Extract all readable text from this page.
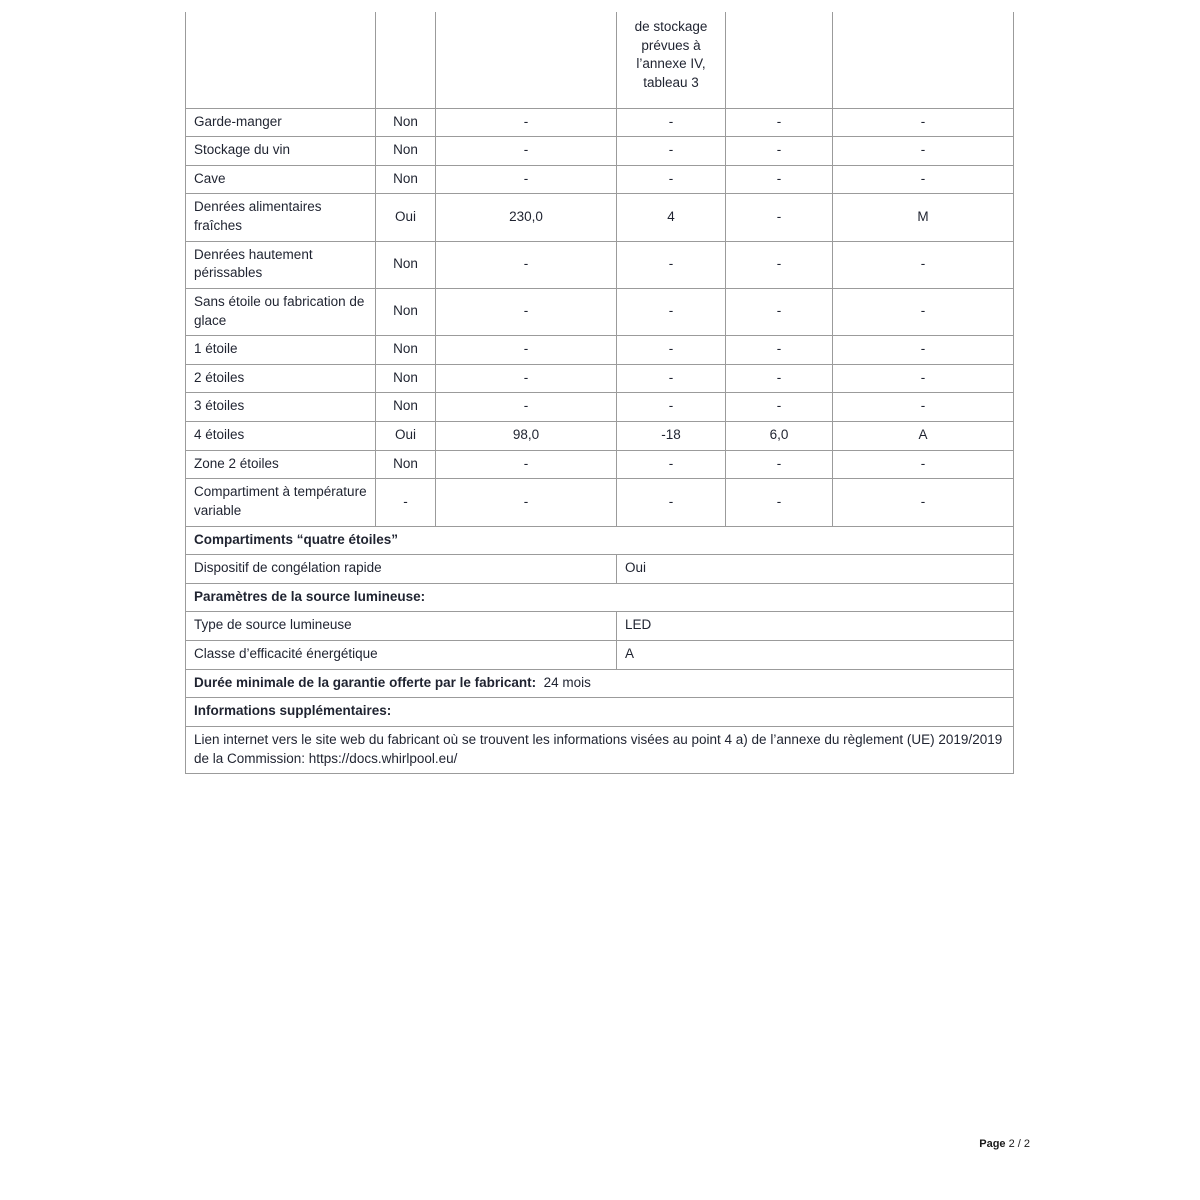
			de stockage
prévues à
l’annexe IV,
tableau 3		

Garde-manger	Non	-	-	-	-
Stockage du vin	Non	-	-	-	-
Cave	Non	-	-	-	-
Denrées alimentaires fraîches	Oui	230,0	4	-	M
Denrées hautement périssables	Non	-	-	-	-
Sans étoile ou fabrication de glace	Non	-	-	-	-
1 étoile	Non	-	-	-	-
2 étoiles	Non	-	-	-	-
3 étoiles	Non	-	-	-	-
4 étoiles	Oui	98,0	-18	6,0	A
Zone 2 étoiles	Non	-	-	-	-
Compartiment à température variable	-	-	-	-	-
Compartiments “quatre étoiles”					
Dispositif de congélation rapide			Oui		
Paramètres de la source lumineuse:					
Type de source lumineuse			LED		
Classe d’efficacité énergétique			A		
Durée minimale de la garantie offerte par le fabricant: 24 mois					
Informations supplémentaires:					
Lien internet vers le site web du fabricant où se trouvent les informations visées au point 4 a) de l’annexe du règlement (UE) 2019/2019 de la Commission: https://docs.whirlpool.eu/					
Page 2 / 2
